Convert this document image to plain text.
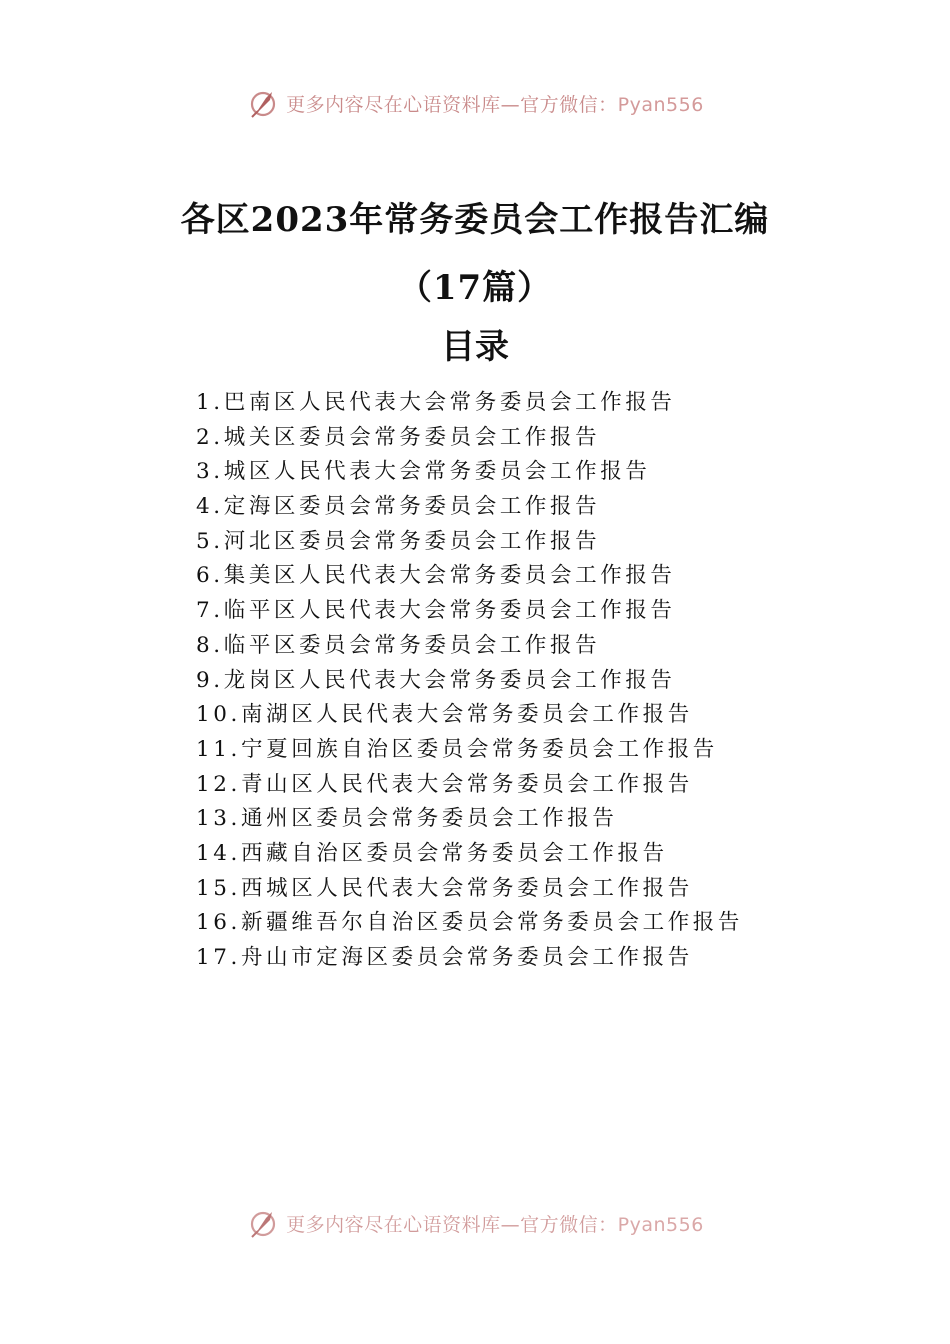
更多内容尽在心语资料库—官方微信：Pyan556
各区2023年常务委员会工作报告汇编（17篇）
目录
1.巴南区人民代表大会常务委员会工作报告
2.城关区委员会常务委员会工作报告
3.城区人民代表大会常务委员会工作报告
4.定海区委员会常务委员会工作报告
5.河北区委员会常务委员会工作报告
6.集美区人民代表大会常务委员会工作报告
7.临平区人民代表大会常务委员会工作报告
8.临平区委员会常务委员会工作报告
9.龙岗区人民代表大会常务委员会工作报告
10.南湖区人民代表大会常务委员会工作报告
11.宁夏回族自治区委员会常务委员会工作报告
12.青山区人民代表大会常务委员会工作报告
13.通州区委员会常务委员会工作报告
14.西藏自治区委员会常务委员会工作报告
15.西城区人民代表大会常务委员会工作报告
16.新疆维吾尔自治区委员会常务委员会工作报告
17.舟山市定海区委员会常务委员会工作报告
更多内容尽在心语资料库—官方微信：Pyan556
